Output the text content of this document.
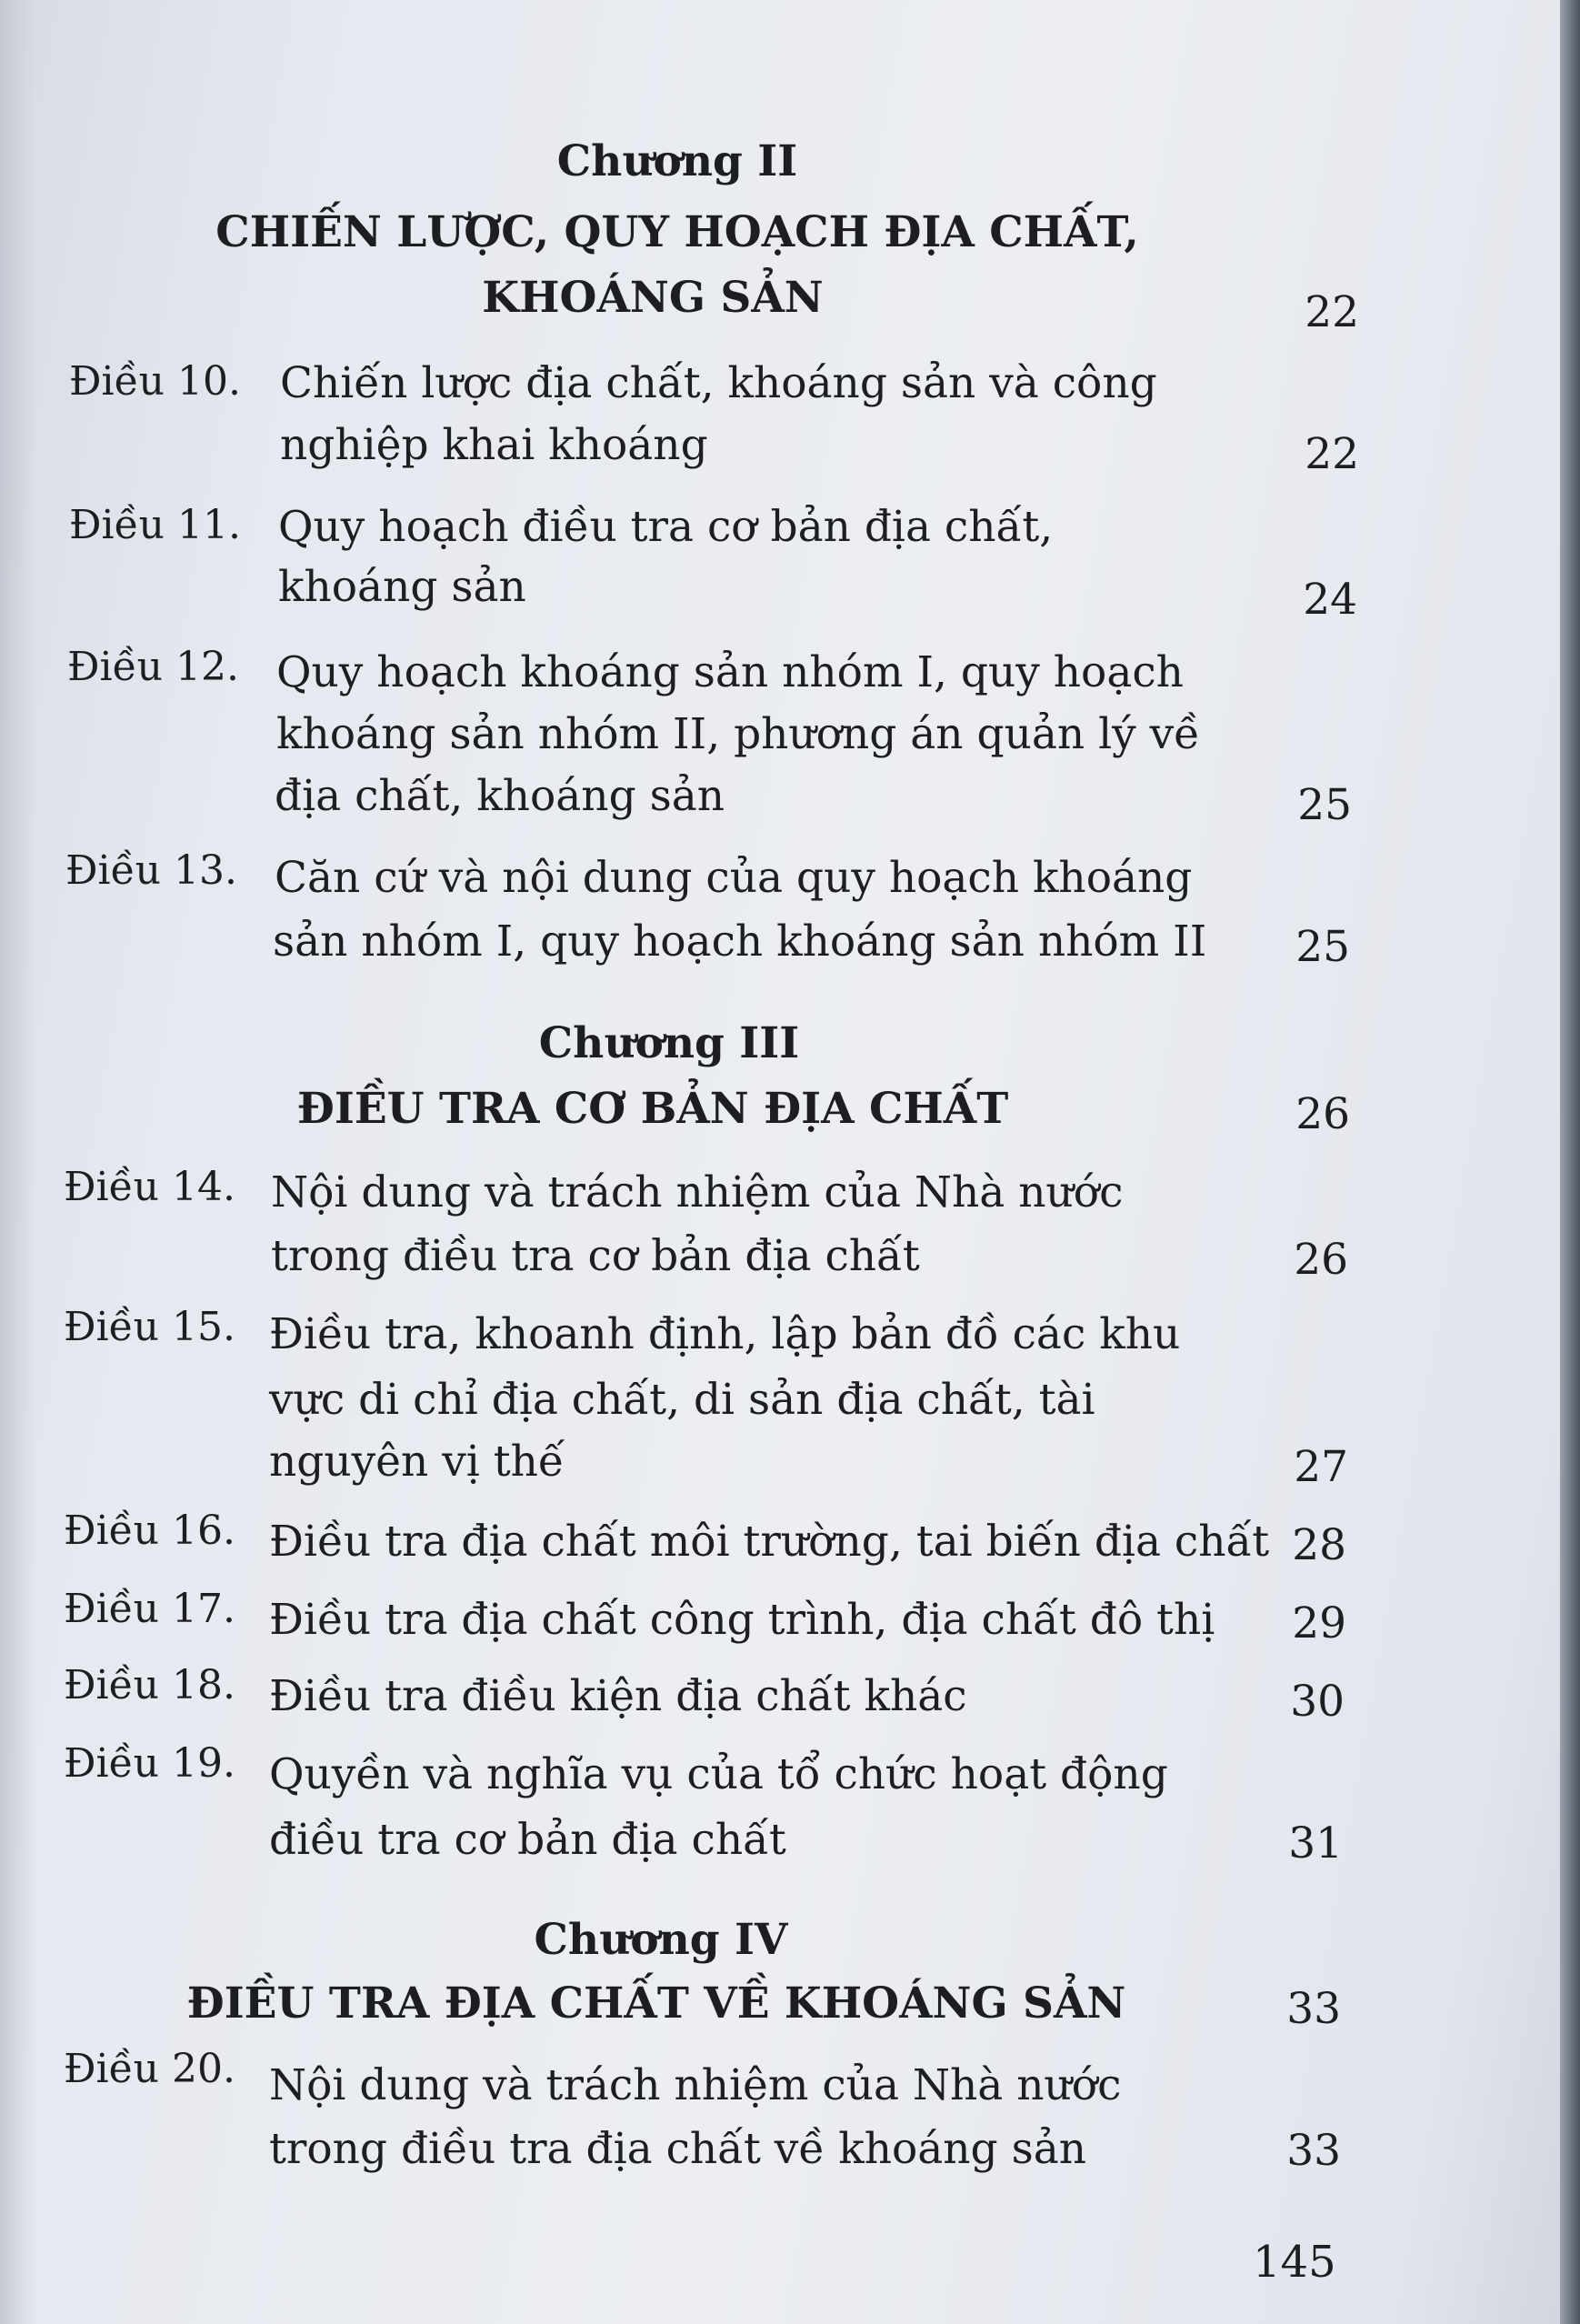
Chương II
CHIẾN LƯỢC, QUY HOẠCH ĐỊA CHẤT,
KHOÁNG SẢN	22
Điều 10. Chiến lược địa chất, khoáng sản và công
nghiệp khai khoáng	22
Điều 11. Quy hoạch điều tra cơ bản địa chất,
khoáng sản	24
Điều 12. Quy hoạch khoáng sản nhóm I, quy hoạch
khoáng sản nhóm II, phương án quản lý về
địa chất, khoáng sản	25
Điều 13. Căn cứ và nội dung của quy hoạch khoáng
sản nhóm I, quy hoạch khoáng sản nhóm II	25
Chương III
ĐIỀU TRA CƠ BẢN ĐỊA CHẤT	26
Điều 14. Nội dung và trách nhiệm của Nhà nước
trong điều tra cơ bản địa chất	26
Điều 15. Điều tra, khoanh định, lập bản đồ các khu
vực di chỉ địa chất, di sản địa chất, tài
nguyên vị thế	27
Điều 16. Điều tra địa chất môi trường, tai biến địa chất 28
Điều 17. Điều tra địa chất công trình, địa chất đô thị	29
Điều 18. Điều tra điều kiện địa chất khác	30
Điều 19. Quyền và nghĩa vụ của tổ chức hoạt động
điều tra cơ bản địa chất	31
Chương IV
ĐIỀU TRA ĐỊA CHẤT VỀ KHOÁNG SẢN	33
Điều 20. Nội dung và trách nhiệm của Nhà nước
trong điều tra địa chất về khoáng sản	33
145
